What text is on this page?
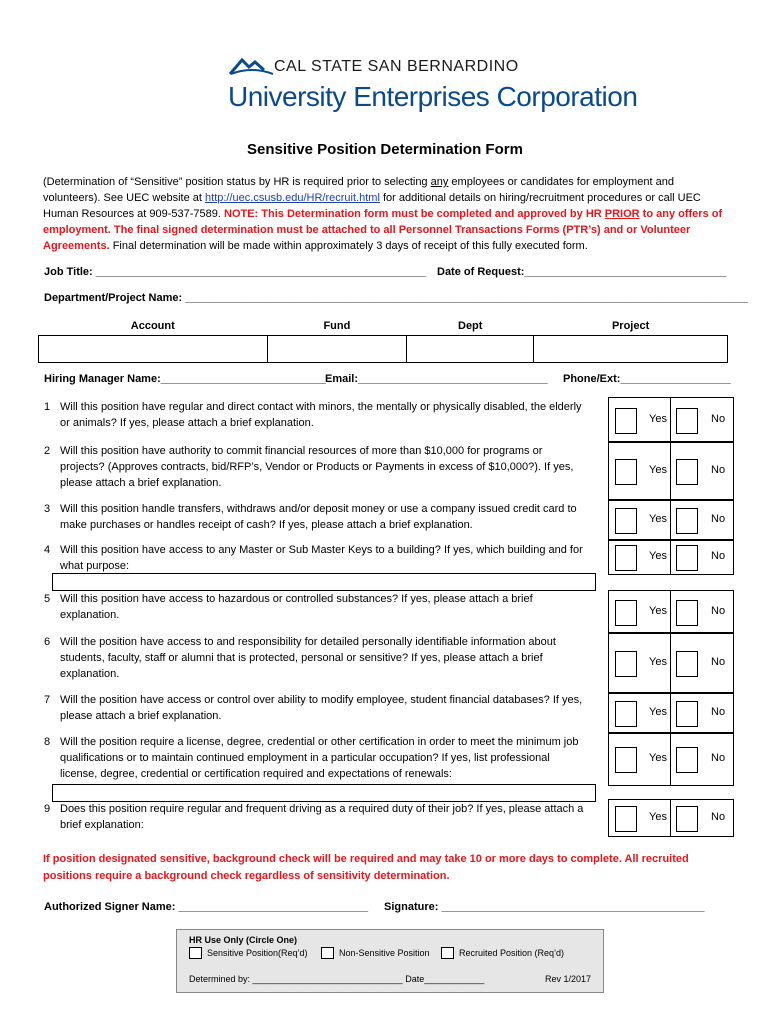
CAL STATE SAN BERNARDINO
University Enterprises Corporation
Sensitive Position Determination Form
(Determination of “Sensitive” position status by HR is required prior to selecting any employees or candidates for employment and volunteers). See UEC website at http://uec.csusb.edu/HR/recruit.html for additional details on hiring/recruitment procedures or call UEC Human Resources at 909-537-7589. NOTE: This Determination form must be completed and approved by HR PRIOR to any offers of employment. The final signed determination must be attached to all Personnel Transactions Forms (PTR’s) and or Volunteer Agreements. Final determination will be made within approximately 3 days of receipt of this fully executed form.
Job Title: ______________________________________________________ Date of Request:_________________________________
Department/Project Name: ____________________________________________________________________________________________
Account	Fund	Dept	Project

Hiring Manager Name:___________________________ Email:_______________________________ Phone/Ext:__________________
1 Will this position have regular and direct contact with minors, the mentally or physically disabled, the elderly or animals? If yes, please attach a brief explanation.	Yes	No
2 Will this position have authority to commit financial resources of more than $10,000 for programs or projects? (Approves contracts, bid/RFP’s, Vendor or Products or Payments in excess of $10,000?). If yes, please attach a brief explanation.
Yes	No
3 Will this position handle transfers, withdraws and/or deposit money or use a company issued credit card to make purchases or handles receipt of cash? If yes, please attach a brief explanation.	Yes	No
4 Will this position have access to any Master or Sub Master Keys to a building? If yes, which building and for what purpose:
Yes	No
5 Will this position have access to hazardous or controlled substances? If yes, please attach a brief explanation.	Yes	No
6 Will the position have access to and responsibility for detailed personally identifiable information about students, faculty, staff or alumni that is protected, personal or sensitive? If yes, please attach a brief explanation.
Yes	No
7 Will the position have access or control over ability to modify employee, student financial databases? If yes, please attach a brief explanation.	Yes	No
8 Will the position require a license, degree, credential or other certification in order to meet the minimum job qualifications or to maintain continued employment in a particular occupation? If yes, list professional license, degree, credential or certification required and expectations of renewals:
Yes	No
9 Does this position require regular and frequent driving as a required duty of their job? If yes, please attach a brief explanation:
Yes	No
If position designated sensitive, background check will be required and may take 10 or more days to complete. All recruited positions require a background check regardless of sensitivity determination.
Authorized Signer Name: _______________________________ Signature: ___________________________________________
HR Use Only (Circle One)
Sensitive Position(Req’d)	Non-Sensitive Position	Recruited Position (Req’d)
Determined by: ______________________________ Date____________	Rev 1/2017
